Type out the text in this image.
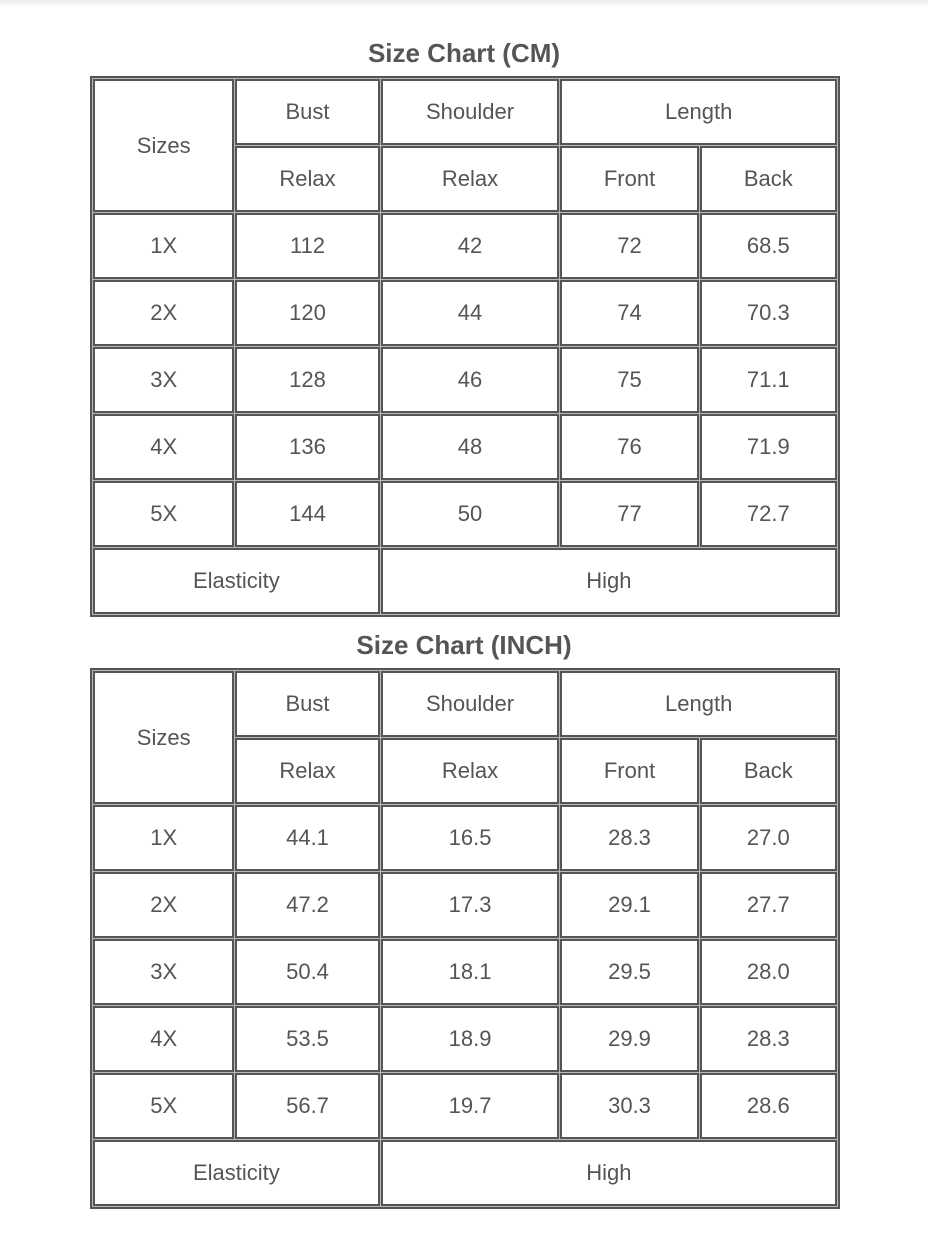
Size Chart (CM)
Sizes	Bust	Shoulder	Length	
	Relax	Relax	Front	Back
1X	112	42	72	68.5
2X	120	44	74	70.3
3X	128	46	75	71.1
4X	136	48	76	71.9
5X	144	50	77	72.7
Elasticity		High		
Size Chart (INCH)
Sizes	Bust	Shoulder	Length	
	Relax	Relax	Front	Back
1X	44.1	16.5	28.3	27.0
2X	47.2	17.3	29.1	27.7
3X	50.4	18.1	29.5	28.0
4X	53.5	18.9	29.9	28.3
5X	56.7	19.7	30.3	28.6
Elasticity		High		
